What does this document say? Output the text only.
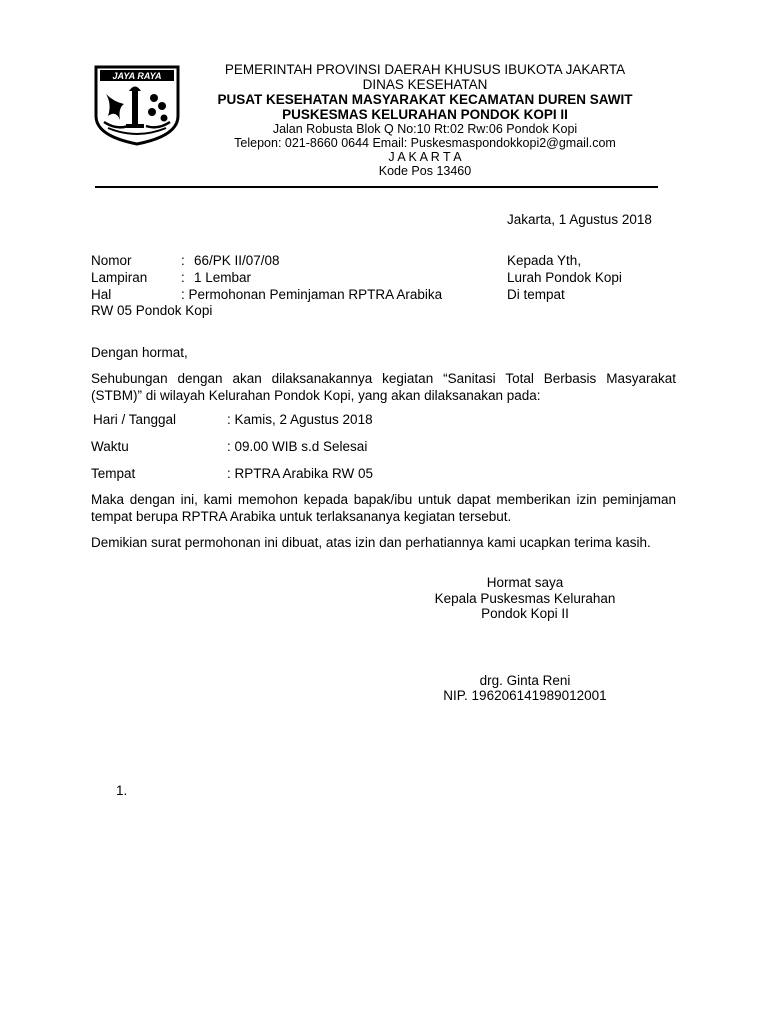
JAYA RAYA	PEMERINTAH PROVINSI DAERAH KHUSUS IBUKOTA JAKARTA
DINAS KESEHATAN
PUSAT KESEHATAN MASYARAKAT KECAMATAN DUREN SAWIT
PUSKESMAS KELURAHAN PONDOK KOPI II
Jalan Robusta Blok Q No:10 Rt:02 Rw:06 Pondok Kopi
Telepon: 021-8660 0644 Email: Puskesmaspondokkopi2@gmail.com
J A K A R T A
Kode Pos 13460
Jakarta, 1 Agustus 2018
Nomor	: 66/PK II/07/08
Lampiran : 1 Lembar
Hal	: Permohonan Peminjaman RPTRA Arabika
RW 05 Pondok Kopi
Kepada Yth,
Lurah Pondok Kopi
Di tempat
Dengan hormat,
Sehubungan dengan akan dilaksanakannya kegiatan “Sanitasi Total Berbasis Masyarakat (STBM)” di wilayah Kelurahan Pondok Kopi, yang akan dilaksanakan pada:
Hari / Tanggal	: Kamis, 2 Agustus 2018
Waktu	: 09.00 WIB s.d Selesai
Tempat	: RPTRA Arabika RW 05
Maka dengan ini, kami memohon kepada bapak/ibu untuk dapat memberikan izin peminjaman tempat berupa RPTRA Arabika untuk terlaksananya kegiatan tersebut.
Demikian surat permohonan ini dibuat, atas izin dan perhatiannya kami ucapkan terima kasih.
Hormat saya
Kepala Puskesmas Kelurahan
Pondok Kopi II
drg. Ginta Reni
NIP. 196206141989012001
1.
